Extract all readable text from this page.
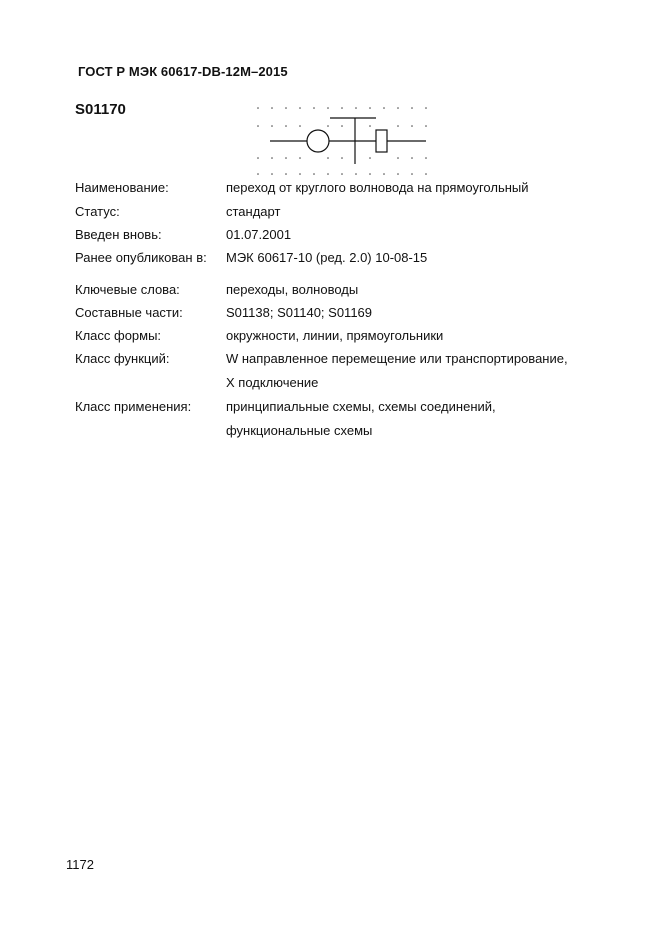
ГОСТ Р МЭК 60617-DB-12M–2015
S01170
Наименование:	переход от круглого волновода на прямоугольный
Статус:	стандарт
Введен вновь:	01.07.2001
Ранее опубликован в: МЭК 60617-10 (ред. 2.0) 10-08-15
Ключевые слова:	переходы, волноводы
Составные части:	S01138; S01140; S01169
Класс формы:	окружности, линии, прямоугольники
Класс функций:	W направленное перемещение или транспортирование,
X подключение
Класс применения:	принципиальные схемы, схемы соединений,
функциональные схемы
1172
